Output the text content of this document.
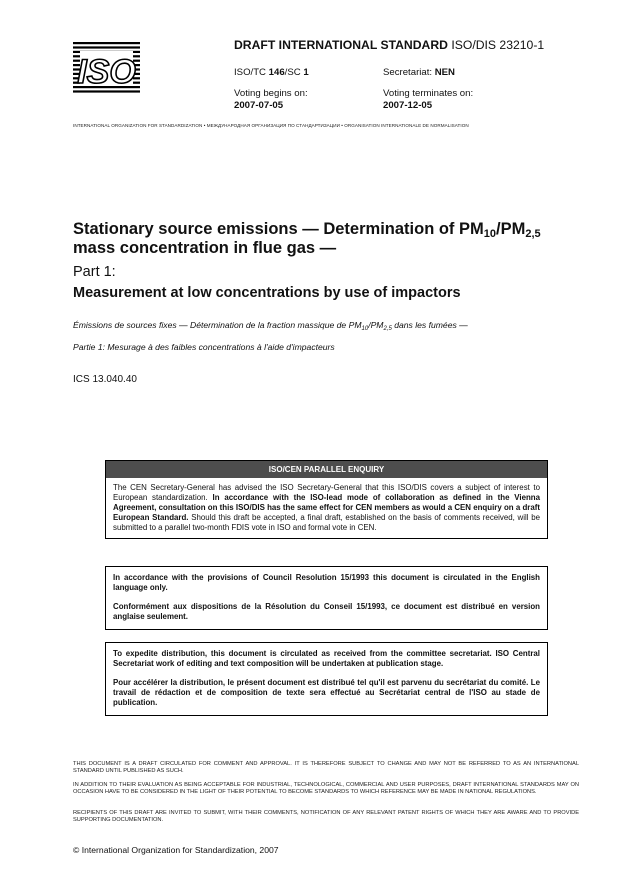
ISO
DRAFT INTERNATIONAL STANDARD ISO/DIS 23210-1
ISO/TC 146/SC 1	Secretariat: NEN
Voting begins on:
2007-07-05
Voting terminates on:
2007-12-05
INTERNATIONAL ORGANIZATION FOR STANDARDIZATION • МЕЖДУНАРОДНАЯ ОРГАНИЗАЦИЯ ПО СТАНДАРТИЗАЦИИ • ORGANISATION INTERNATIONALE DE NORMALISATION
Stationary source emissions — Determination of $PM_{10}/PM_{2,5}$
mass concentration in flue gas —
Part 1:
Measurement at low concentrations by use of impactors
Émissions de sources fixes — Détermination de la fraction massique de $PM_{10}/PM_{2,5}$ dans les fumées —
Partie 1: Mesurage à des faibles concentrations à l'aide d'impacteurs
ICS 13.040.40
ISO/CEN PARALLEL ENQUIRY

The CEN Secretary-General has advised the ISO Secretary-General that this ISO/DIS covers a subject of interest to European standardization. In accordance with the ISO-lead mode of collaboration as defined in the Vienna Agreement, consultation on this ISO/DIS has the same effect for CEN members as would a CEN enquiry on a draft European Standard. Should this draft be accepted, a final draft, established on the basis of comments received, will be submitted to a parallel two-month FDIS vote in ISO and formal vote in CEN.

In accordance with the provisions of Council Resolution 15/1993 this document is circulated in the English language only.

Conformément aux dispositions de la Résolution du Conseil 15/1993, ce document est distribué en version anglaise seulement.

To expedite distribution, this document is circulated as received from the committee secretariat. ISO Central Secretariat work of editing and text composition will be undertaken at publication stage.

Pour accélérer la distribution, le présent document est distribué tel qu'il est parvenu du secrétariat du comité. Le travail de rédaction et de composition de texte sera effectué au Secrétariat central de l'ISO au stade de publication.

THIS DOCUMENT IS A DRAFT CIRCULATED FOR COMMENT AND APPROVAL. IT IS THEREFORE SUBJECT TO CHANGE AND MAY NOT BE REFERRED TO AS AN INTERNATIONAL STANDARD UNTIL PUBLISHED AS SUCH.
IN ADDITION TO THEIR EVALUATION AS BEING ACCEPTABLE FOR INDUSTRIAL, TECHNOLOGICAL, COMMERCIAL AND USER PURPOSES, DRAFT INTERNATIONAL STANDARDS MAY ON OCCASION HAVE TO BE CONSIDERED IN THE LIGHT OF THEIR POTENTIAL TO BECOME STANDARDS TO WHICH REFERENCE MAY BE MADE IN NATIONAL REGULATIONS.
RECIPIENTS OF THIS DRAFT ARE INVITED TO SUBMIT, WITH THEIR COMMENTS, NOTIFICATION OF ANY RELEVANT PATENT RIGHTS OF WHICH THEY ARE AWARE AND TO PROVIDE SUPPORTING DOCUMENTATION.
© International Organization for Standardization, 2007
